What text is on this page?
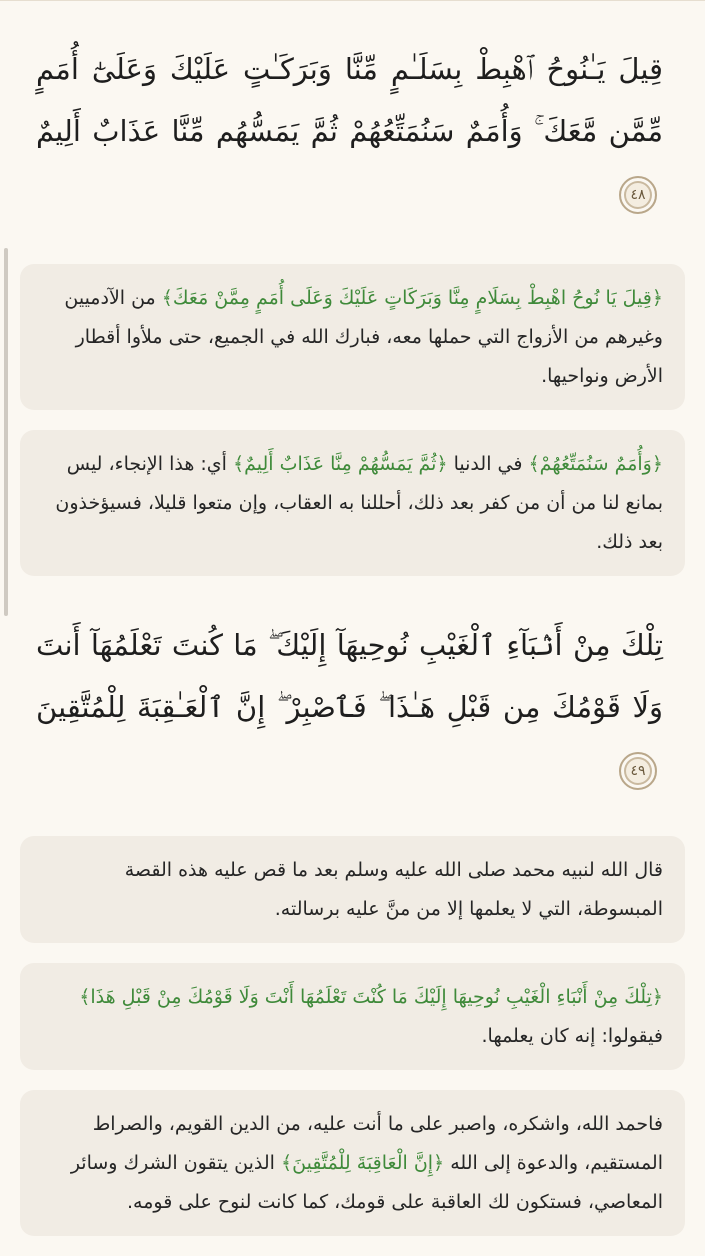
قِيلَ يَـٰنُوحُ ٱهْبِطْ بِسَلَـٰمٍ مِّنَّا وَبَرَكَـٰتٍ عَلَيْكَ وَعَلَىٰٓ أُمَمٍ مِّمَّن مَّعَكَ ۚ وَأُمَمٌ سَنُمَتِّعُهُمْ ثُمَّ يَمَسُّهُم مِّنَّا عَذَابٌ أَلِيمٌ
٤٨

﴿قِيلَ يَا نُوحُ اهْبِطْ بِسَلَامٍ مِنَّا وَبَرَكَاتٍ عَلَيْكَ وَعَلَى أُمَمٍ مِمَّنْ مَعَكَ﴾ من الآدميين وغيرهم من الأزواج التي حملها معه، فبارك الله في الجميع، حتى ملأوا أقطار الأرض ونواحيها.
﴿وَأُمَمٌ سَنُمَتِّعُهُمْ﴾ في الدنيا ﴿ثُمَّ يَمَسُّهُمْ مِنَّا عَذَابٌ أَلِيمٌ﴾ أي: هذا الإنجاء، ليس بمانع لنا من أن من كفر بعد ذلك، أحللنا به العقاب، وإن متعوا قليلا، فسيؤخذون بعد ذلك.

تِلْكَ مِنْ أَنۢبَآءِ ٱلْغَيْبِ نُوحِيهَآ إِلَيْكَ ۖ مَا كُنتَ تَعْلَمُهَآ أَنتَ وَلَا قَوْمُكَ مِن قَبْلِ هَـٰذَا ۖ فَٱصْبِرْ ۖ إِنَّ ٱلْعَـٰقِبَةَ لِلْمُتَّقِينَ
٤٩

قال الله لنبيه محمد صلى الله عليه وسلم بعد ما قص عليه هذه القصة المبسوطة، التي لا يعلمها إلا من منَّ عليه برسالته.
﴿تِلْكَ مِنْ أَنْبَاءِ الْغَيْبِ نُوحِيهَا إِلَيْكَ مَا كُنْتَ تَعْلَمُهَا أَنْتَ وَلَا قَوْمُكَ مِنْ قَبْلِ هَذَا﴾ فيقولوا: إنه كان يعلمها.
فاحمد الله، واشكره، واصبر على ما أنت عليه، من الدين القويم، والصراط المستقيم، والدعوة إلى الله ﴿إِنَّ الْعَاقِبَةَ لِلْمُتَّقِينَ﴾ الذين يتقون الشرك وسائر المعاصي، فستكون لك العاقبة على قومك، كما كانت لنوح على قومه.
